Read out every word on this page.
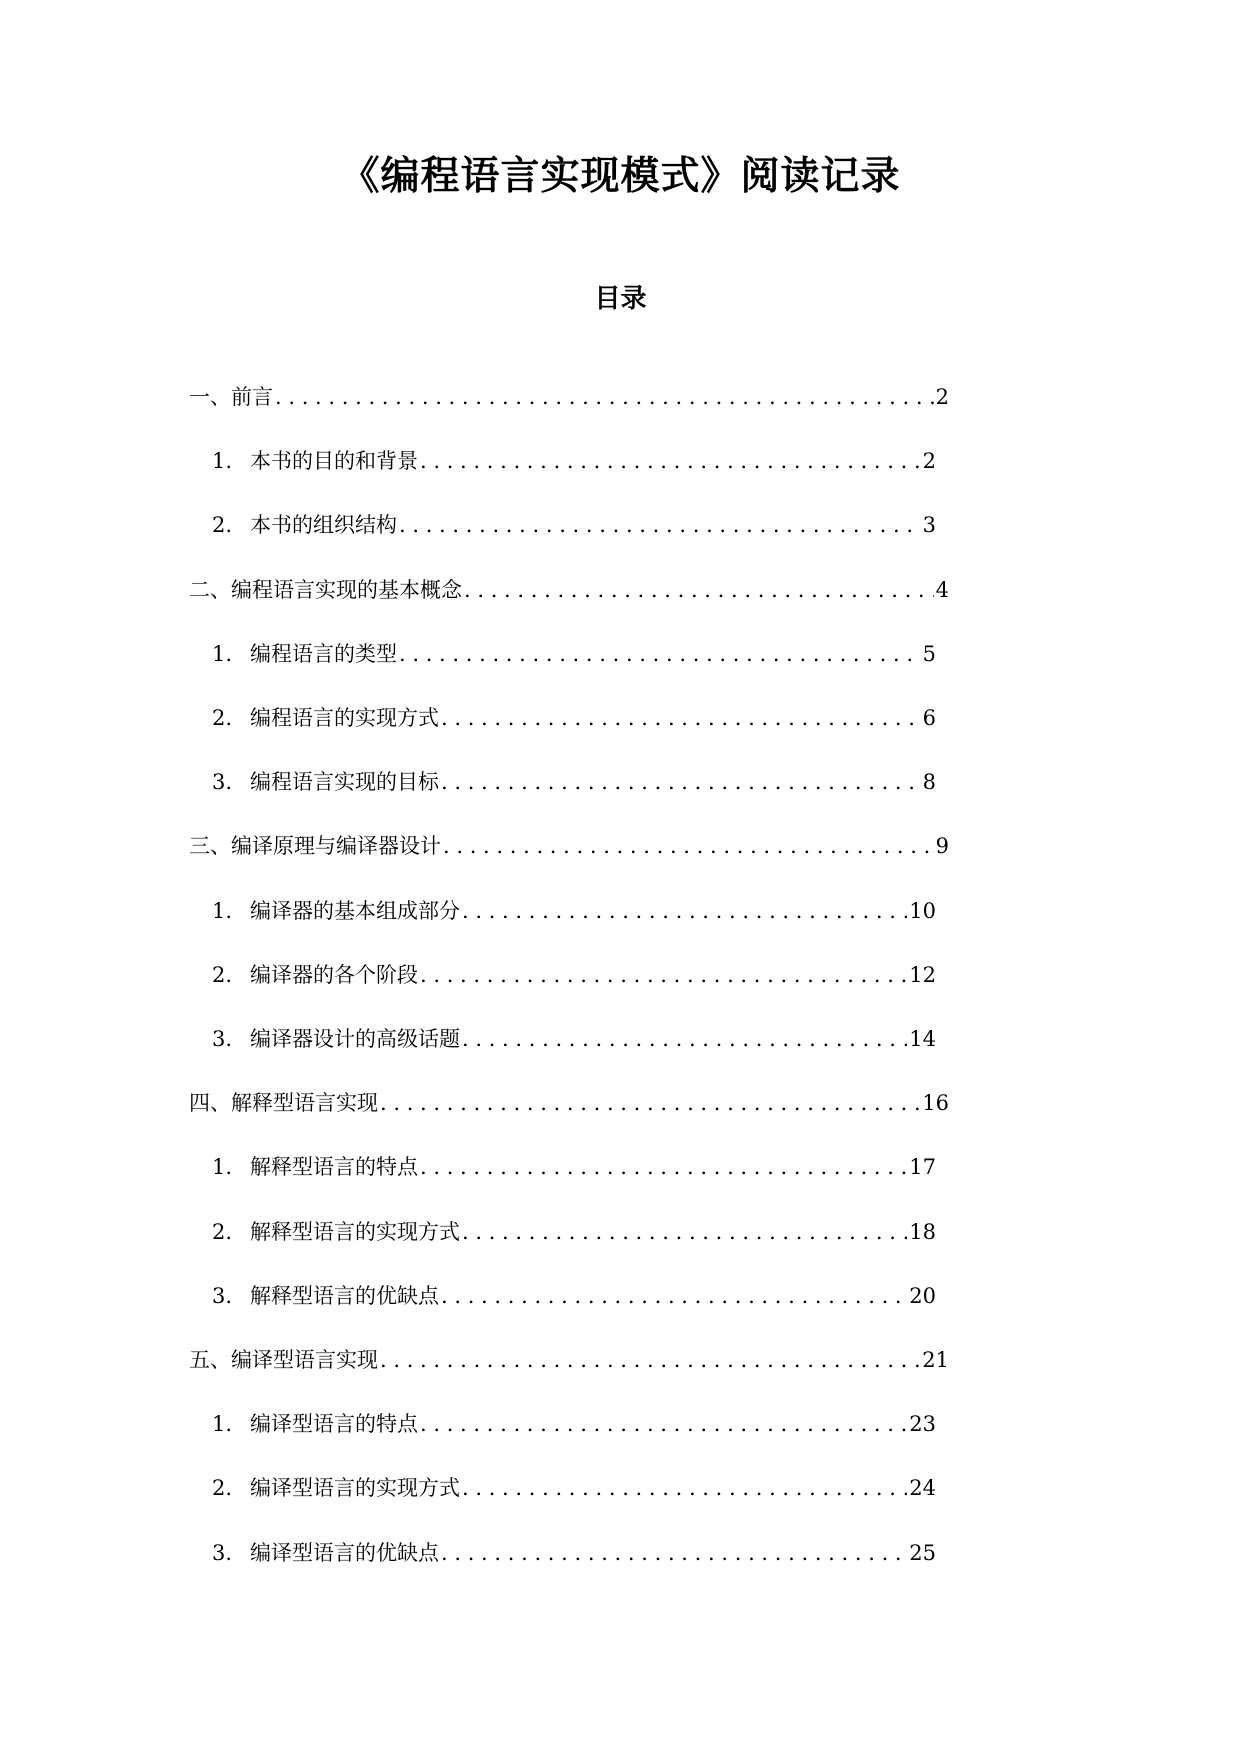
《编程语言实现模式》阅读记录
目录
一、前言 . . .	2
1. 本书的目的和背景 . . .	2
2. 本书的组织结构 . . .	3
二、编程语言实现的基本概念 . . .	4
1. 编程语言的类型 . . .	5
2. 编程语言的实现方式 . . .	6
3. 编程语言实现的目标 . . .	8
三、编译原理与编译器设计 . . .	9
1. 编译器的基本组成部分 . . .	10
2. 编译器的各个阶段 . . .	12
3. 编译器设计的高级话题 . . .	14
四、解释型语言实现 . . .	16
1. 解释型语言的特点 . . .	17
2. 解释型语言的实现方式 . . .	18
3. 解释型语言的优缺点 . . .	20
五、编译型语言实现 . . .	21
1. 编译型语言的特点 . . .	23
2. 编译型语言的实现方式 . . .	24
3. 编译型语言的优缺点 . . .	25
